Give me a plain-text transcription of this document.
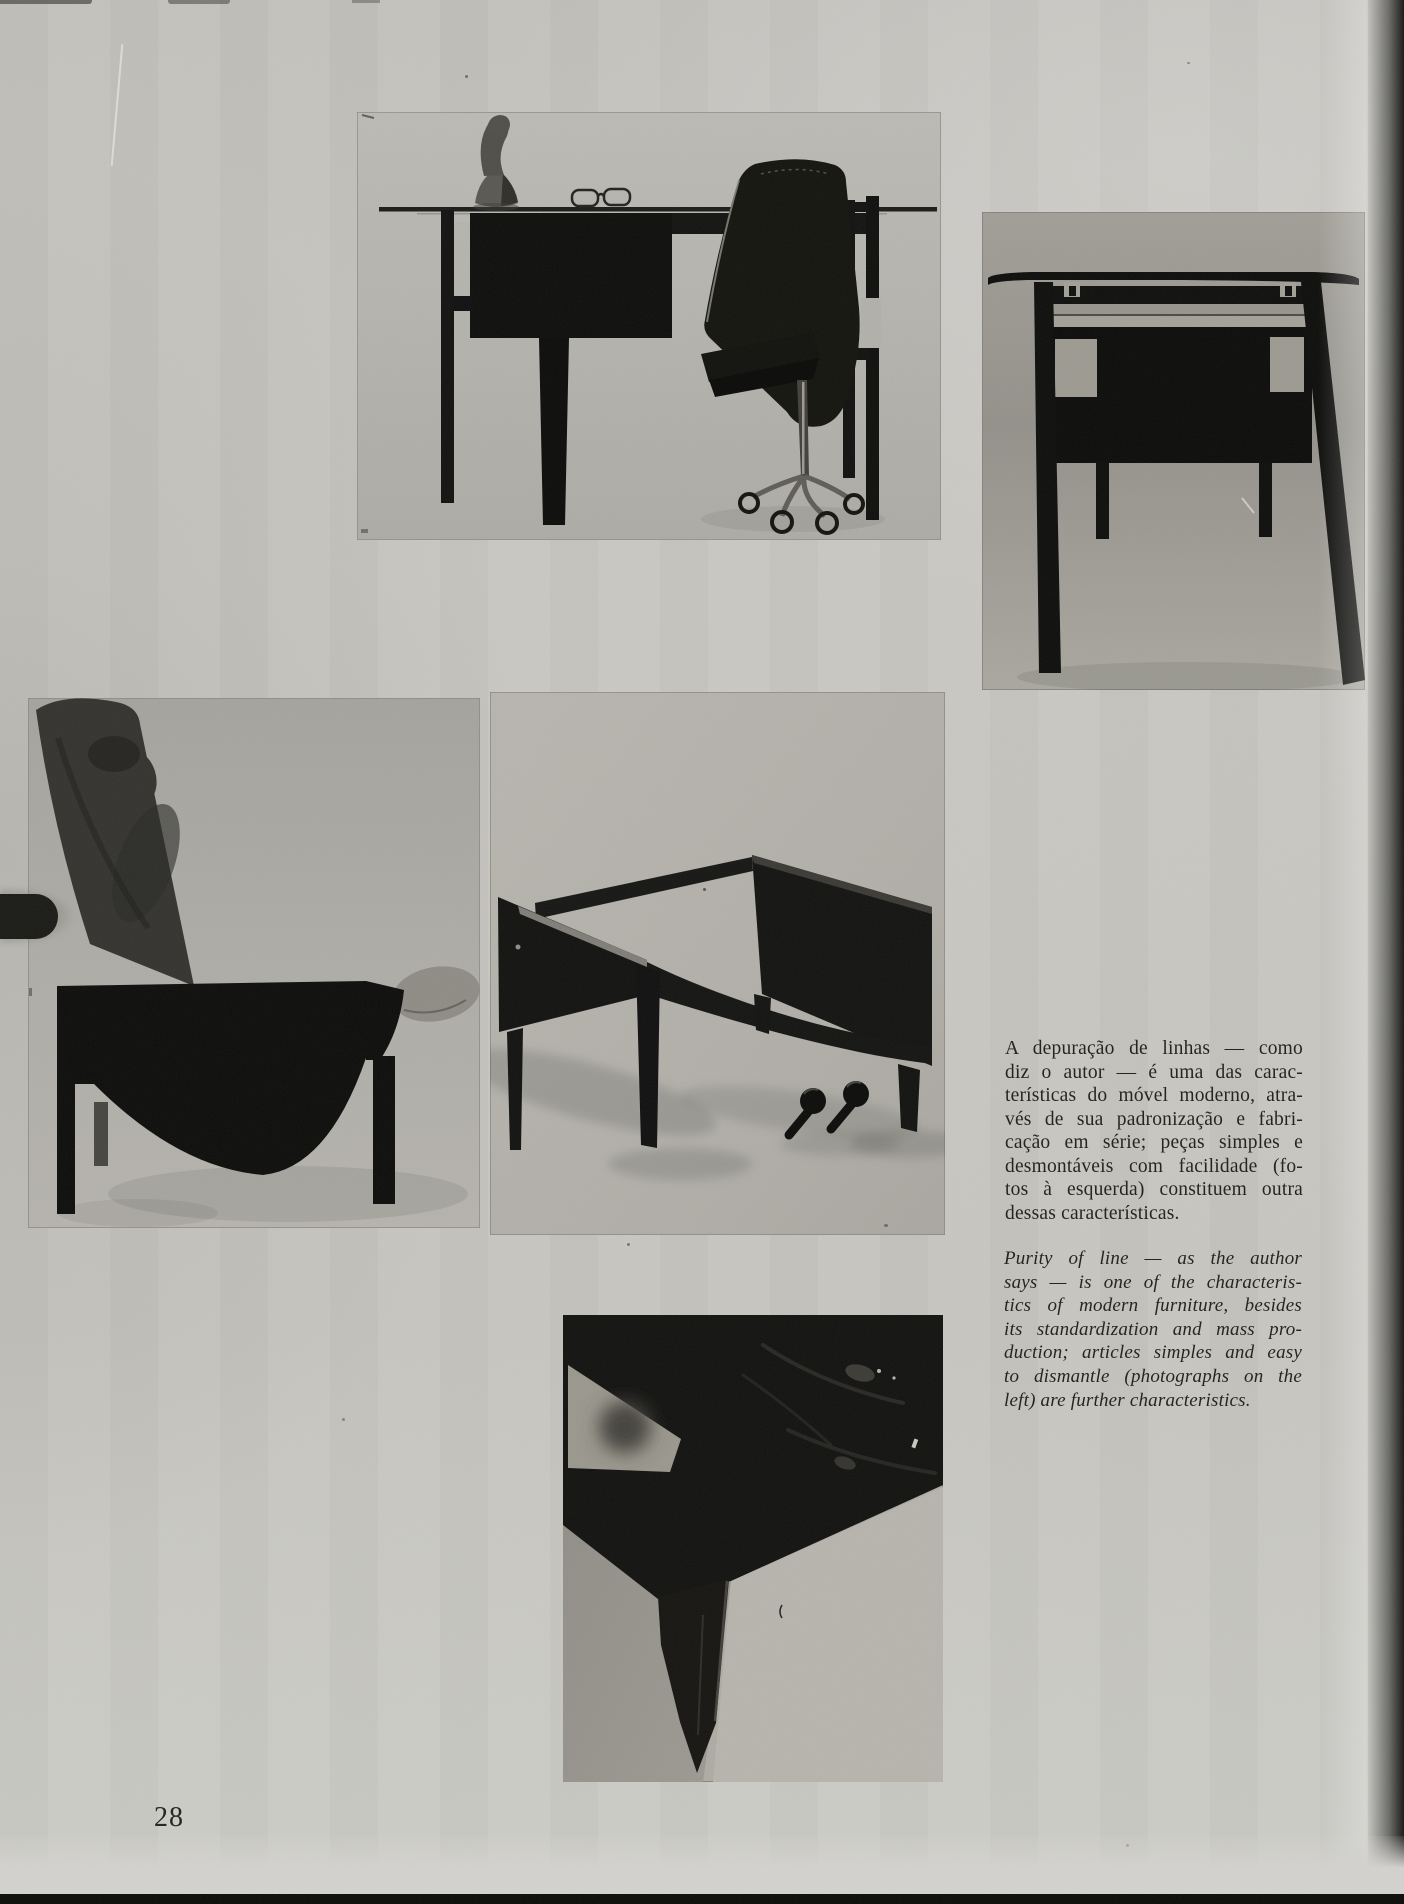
A depuração de linhas — como
diz o autor — é uma das carac-
terísticas do móvel moderno, atra-
vés de sua padronização e fabri-
cação em série; peças simples e
desmontáveis com facilidade (fo-
tos à esquerda) constituem outra
dessas características.
Purity of line — as the author
says — is one of the characteris-
tics of modern furniture, besides
its standardization and mass pro-
duction; articles simples and easy
to dismantle (photographs on the
left) are further characteristics.
28
